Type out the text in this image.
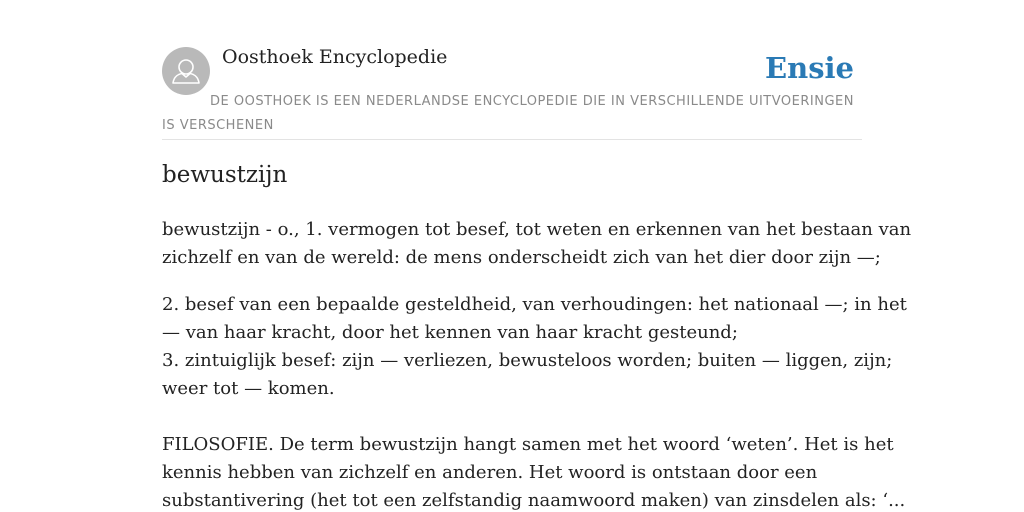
Oosthoek Encyclopedie	Ensie
DE OOSTHOEK IS EEN NEDERLANDSE ENCYCLOPEDIE DIE IN VERSCHILLENDE UITVOERINGEN IS VERSCHENEN
bewustzijn
bewustzijn - o., 1. vermogen tot besef, tot weten en erkennen van het bestaan van
zichzelf en van de wereld: de mens onderscheidt zich van het dier door zijn —;
2. besef van een bepaalde gesteldheid, van verhoudingen: het nationaal —; in het
— van haar kracht, door het kennen van haar kracht gesteund;
3. zintuiglijk besef: zijn — verliezen, bewusteloos worden; buiten — liggen, zijn;
weer tot — komen.
FILOSOFIE. De term bewustzijn hangt samen met het woord ‘weten’. Het is het
kennis hebben van zichzelf en anderen. Het woord is ontstaan door een
substantivering (het tot een zelfstandig naamwoord maken) van zinsdelen als: ‘...
